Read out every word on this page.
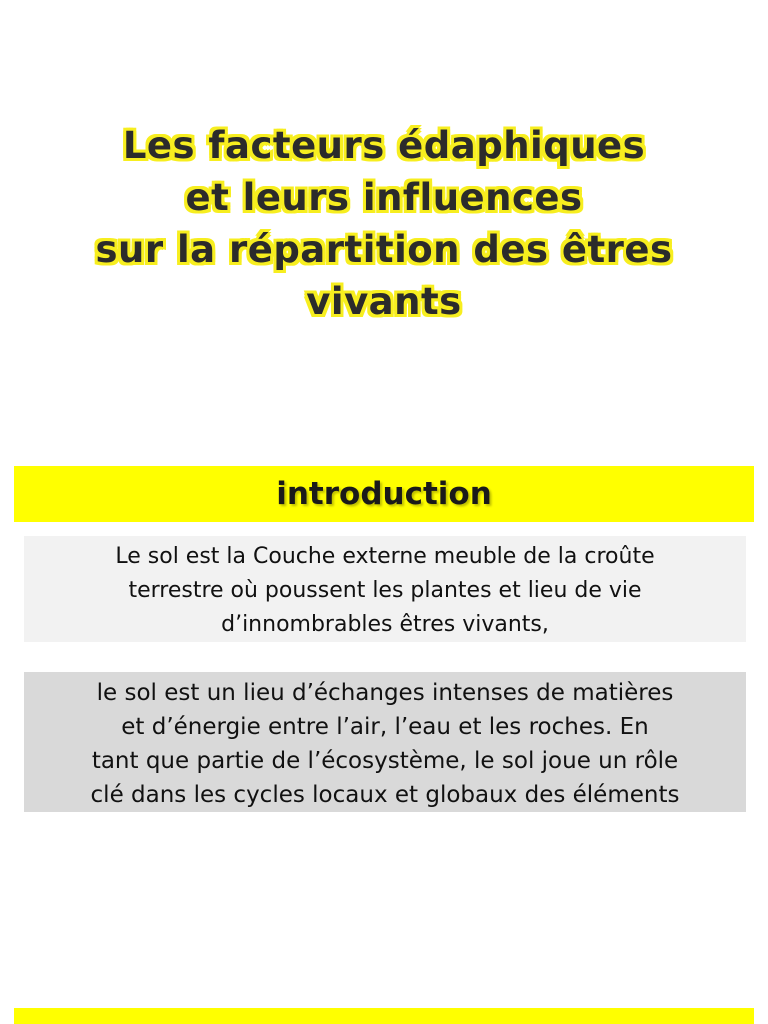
Les facteurs édaphiques
et leurs influences
sur la répartition des êtres
vivants
introduction
Le sol est la Couche externe meuble de la croûte
terrestre où poussent les plantes et lieu de vie
d’innombrables êtres vivants,
le sol est un lieu d’échanges intenses de matières
et d’énergie entre l’air, l’eau et les roches. En
tant que partie de l’écosystème, le sol joue un rôle
clé dans les cycles locaux et globaux des éléments
